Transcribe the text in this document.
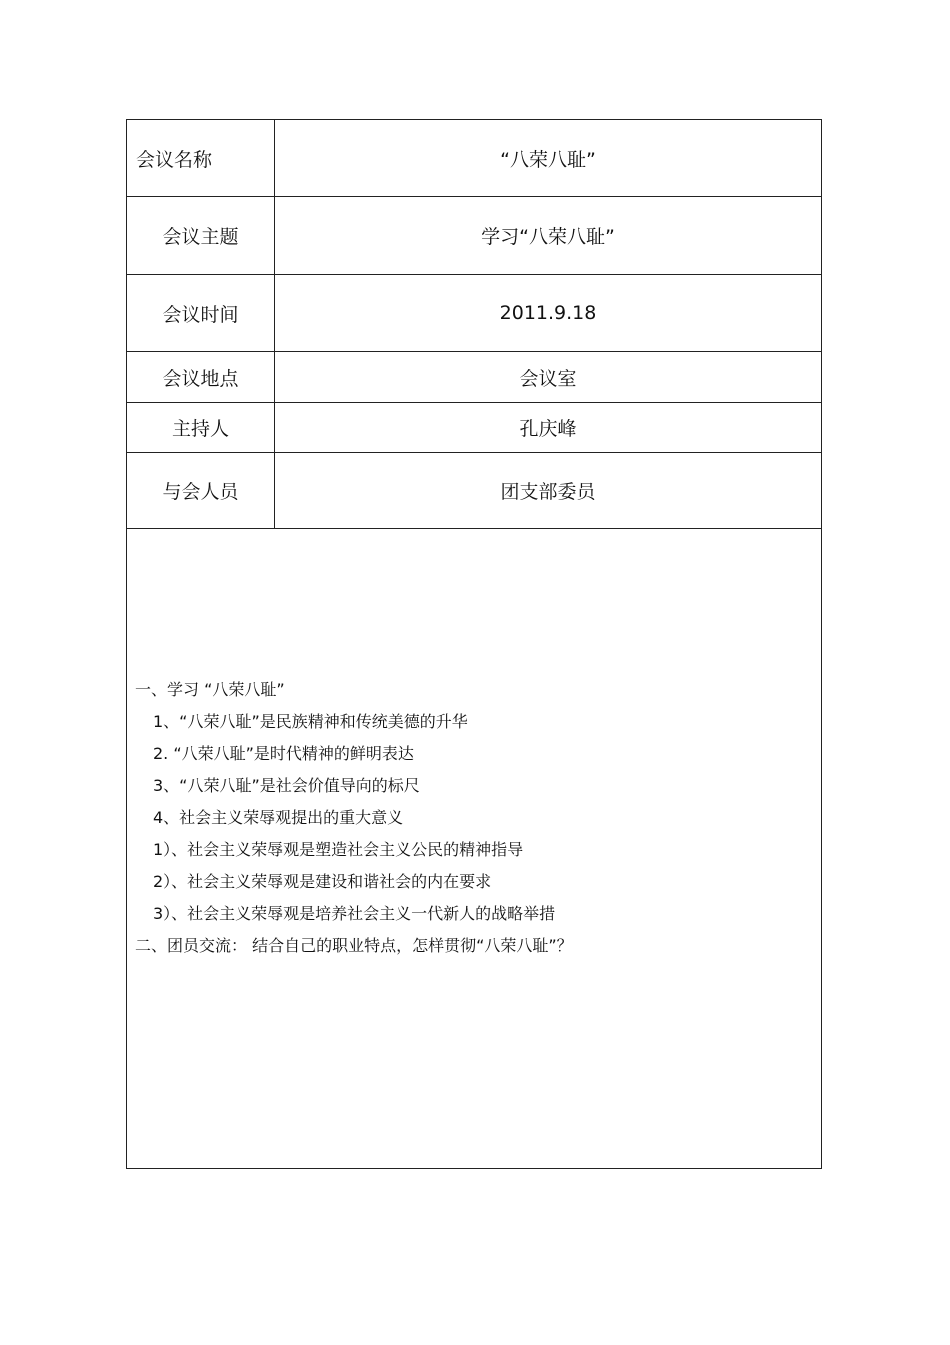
会议名称	“八荣八耻”
会议主题	学习“八荣八耻”
会议时间	2011.9.18
会议地点	会议室
主持人	孔庆峰
与会人员	团支部委员
一、学习 “八荣八耻”
1、“八荣八耻”是民族精神和传统美德的升华
2. “八荣八耻”是时代精神的鲜明表达
3、“八荣八耻”是社会价值导向的标尺
4、社会主义荣辱观提出的重大意义
1）、社会主义荣辱观是塑造社会主义公民的精神指导
2）、社会主义荣辱观是建设和谐社会的内在要求
3）、社会主义荣辱观是培养社会主义一代新人的战略举措
二、团员交流： 结合自己的职业特点，怎样贯彻“八荣八耻”？
